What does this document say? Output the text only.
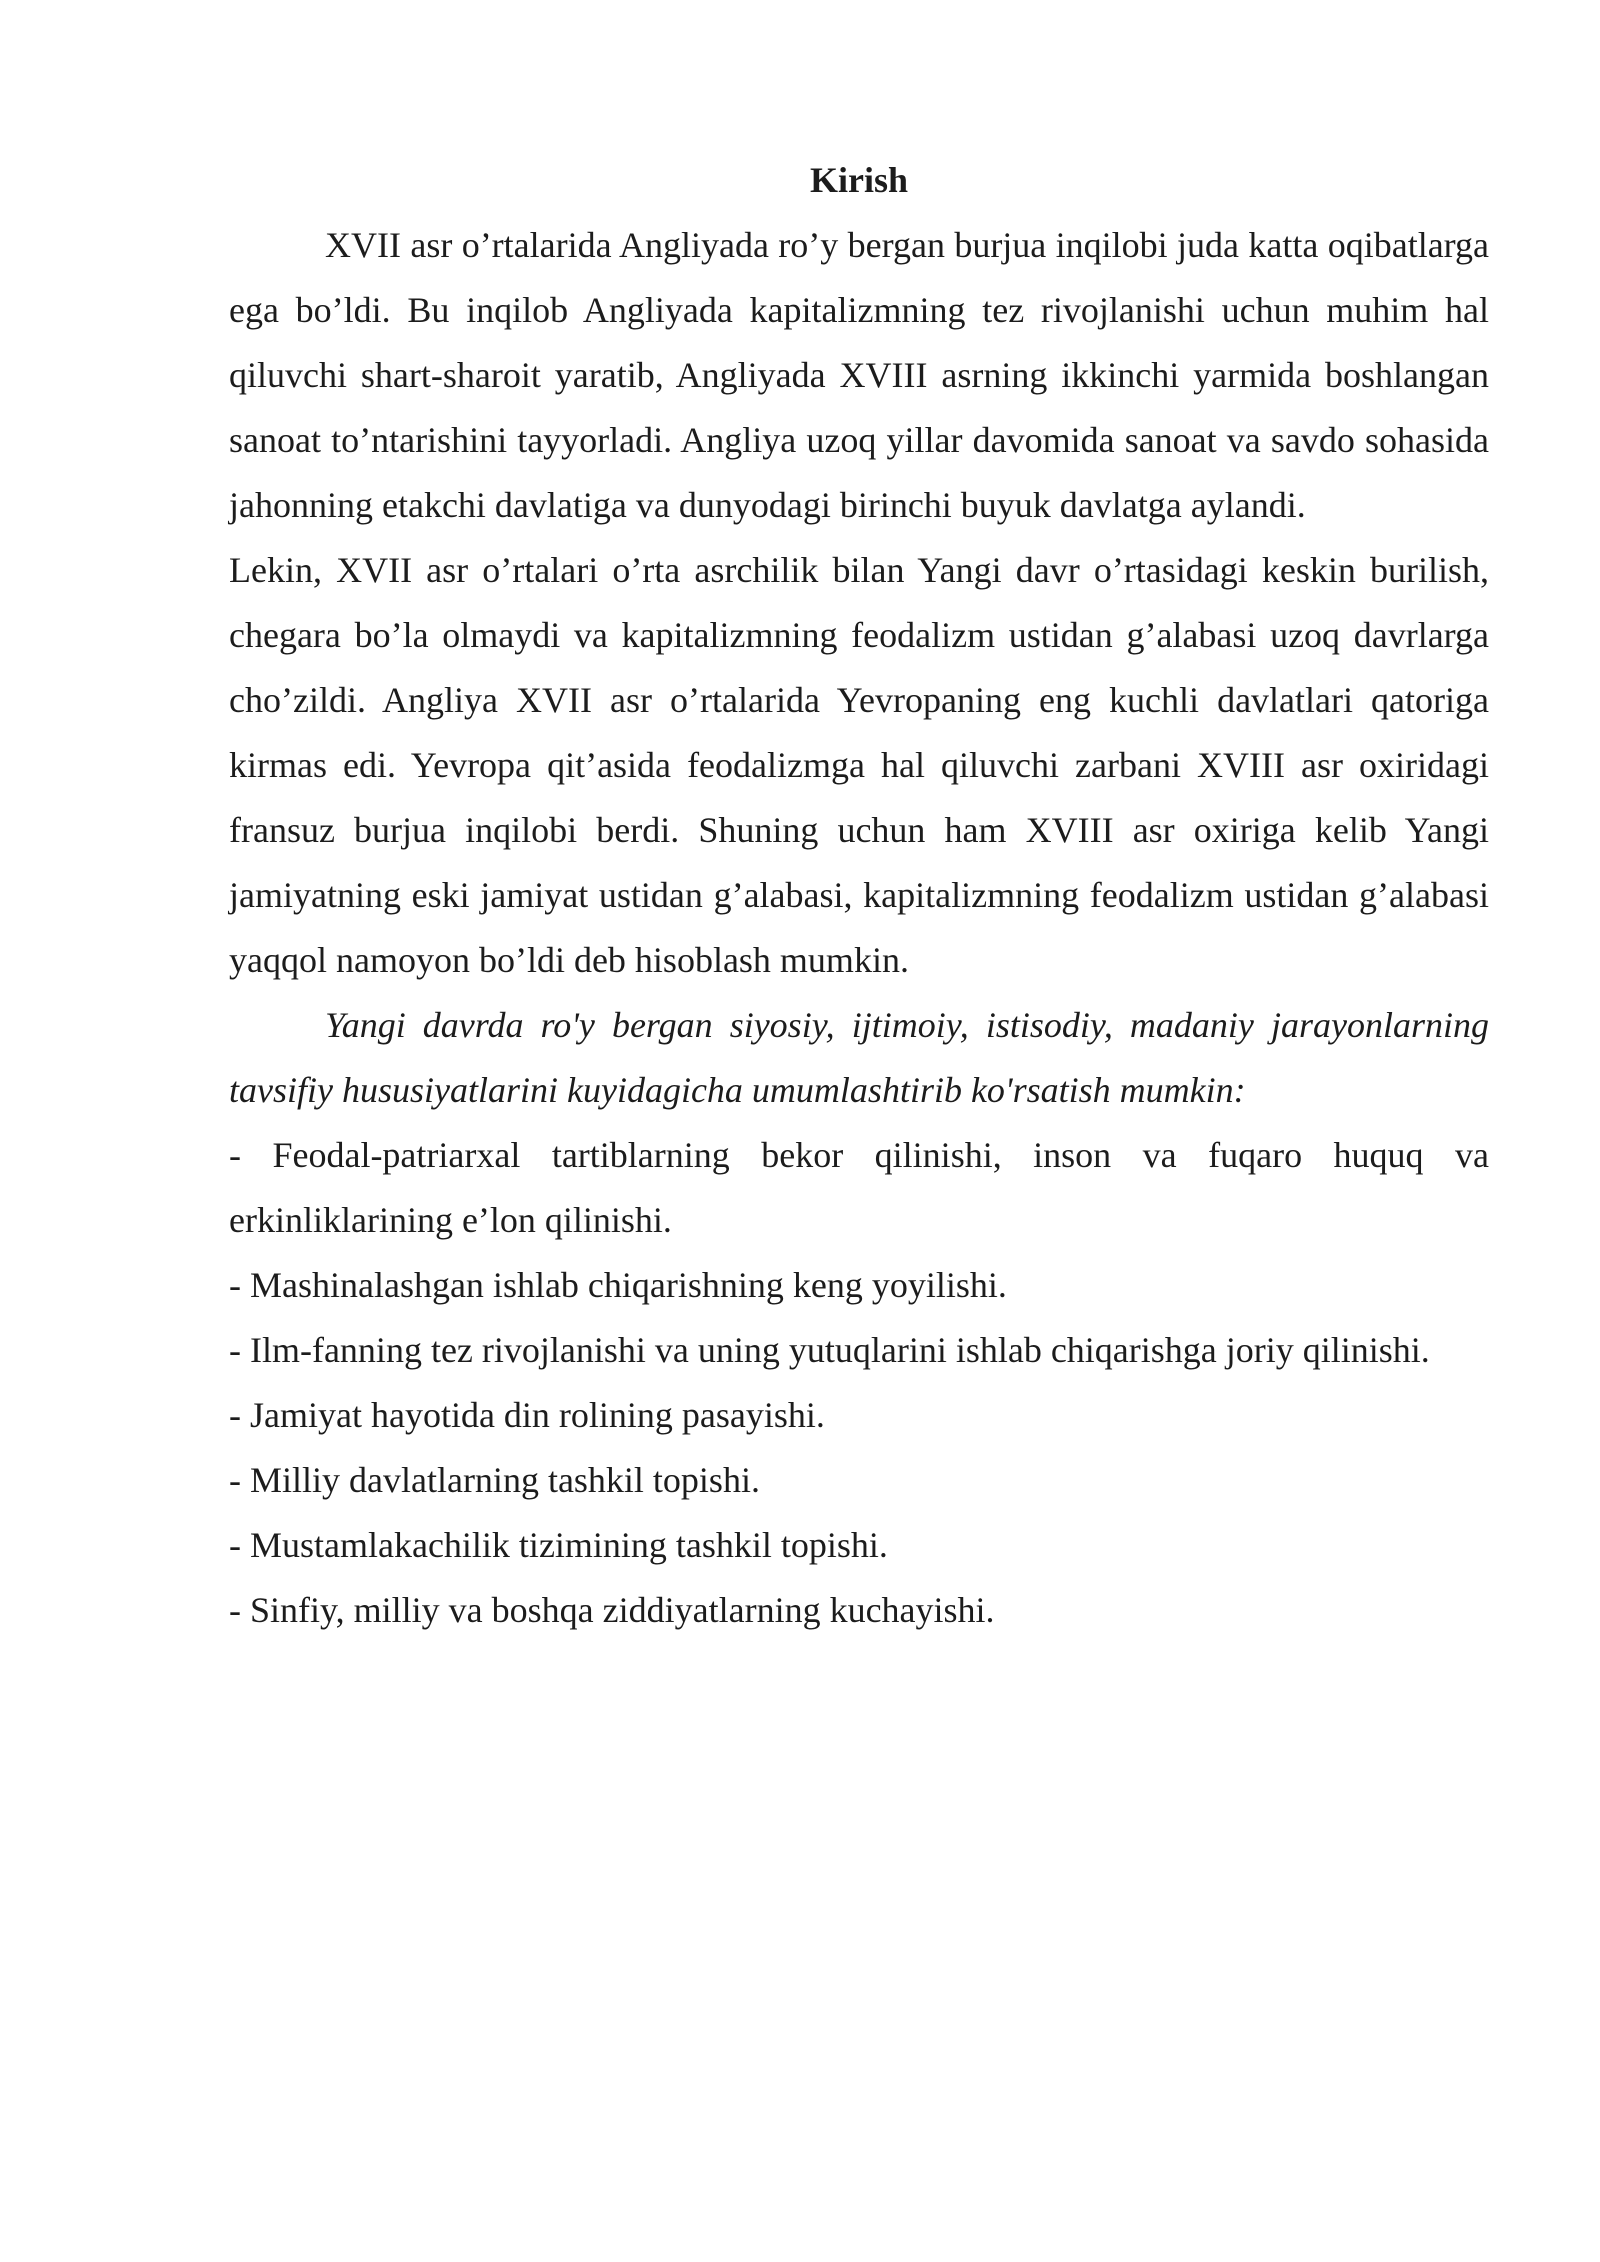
Kirish

XVII asr o’rtalarida Angliyada ro’y bergan burjua inqilobi juda katta oqibatlarga ega bo’ldi. Bu inqilob Angliyada kapitalizmning tez rivojlanishi uchun muhim hal qiluvchi shart-sharoit yaratib, Angliyada XVIII asrning ikkinchi yarmida boshlangan sanoat to’ntarishini tayyorladi. Angliya uzoq yillar davomida sanoat va savdo sohasida jahonning etakchi davlatiga va dunyodagi birinchi buyuk davlatga aylandi.

Lekin, XVII asr o’rtalari o’rta asrchilik bilan Yangi davr o’rtasidagi keskin burilish, chegara bo’la olmaydi va kapitalizmning feodalizm ustidan g’alabasi uzoq davrlarga cho’zildi. Angliya XVII asr o’rtalarida Yevropaning eng kuchli davlatlari qatoriga kirmas edi. Yevropa qit’asida feodalizmga hal qiluvchi zarbani XVIII asr oxiridagi fransuz burjua inqilobi berdi. Shuning uchun ham XVIII asr oxiriga kelib Yangi jamiyatning eski jamiyat ustidan g’alabasi, kapitalizmning feodalizm ustidan g’alabasi yaqqol namoyon bo’ldi deb hisoblash mumkin.

Yangi davrda ro'y bergan siyosiy, ijtimoiy, istisodiy, madaniy jarayonlarning tavsifiy hususiyatlarini kuyidagicha umumlashtirib ko'rsatish mumkin:

- Feodal-patriarxal tartiblarning bekor qilinishi, inson va fuqaro huquq va erkinliklarining e’lon qilinishi.

- Mashinalashgan ishlab chiqarishning keng yoyilishi.

- Ilm-fanning tez rivojlanishi va uning yutuqlarini ishlab chiqarishga joriy qilinishi.

- Jamiyat hayotida din rolining pasayishi.

- Milliy davlatlarning tashkil topishi.

- Mustamlakachilik tizimining tashkil topishi.

- Sinfiy, milliy va boshqa ziddiyatlarning kuchayishi.
